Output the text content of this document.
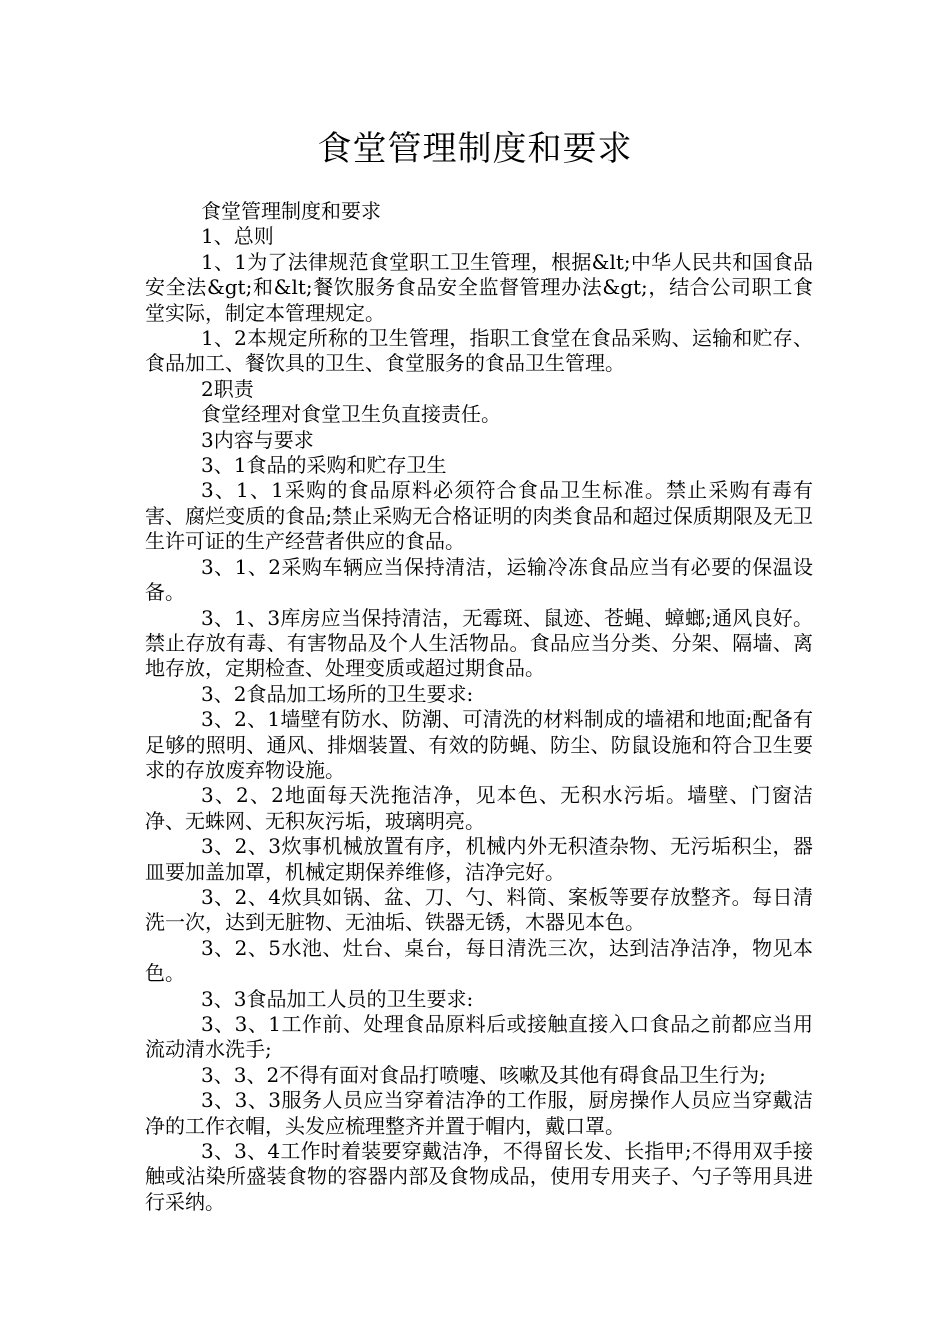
食堂管理制度和要求

食堂管理制度和要求

1、总则

1、1为了法律规范食堂职工卫生管理，根据&lt;中华人民共和国食品安全法&gt;和&lt;餐饮服务食品安全监督管理办法&gt;，结合公司职工食堂实际，制定本管理规定。

1、2本规定所称的卫生管理，指职工食堂在食品采购、运输和贮存、食品加工、餐饮具的卫生、食堂服务的食品卫生管理。

2职责

食堂经理对食堂卫生负直接责任。

3内容与要求

3、1食品的采购和贮存卫生

3、1、1采购的食品原料必须符合食品卫生标准。禁止采购有毒有害、腐烂变质的食品;禁止采购无合格证明的肉类食品和超过保质期限及无卫生许可证的生产经营者供应的食品。

3、1、2采购车辆应当保持清洁，运输冷冻食品应当有必要的保温设备。

3、1、3库房应当保持清洁，无霉斑、鼠迹、苍蝇、蟑螂;通风良好。禁止存放有毒、有害物品及个人生活物品。食品应当分类、分架、隔墙、离地存放，定期检查、处理变质或超过期食品。

3、2食品加工场所的卫生要求:

3、2、1墙壁有防水、防潮、可清洗的材料制成的墙裙和地面;配备有足够的照明、通风、排烟装置、有效的防蝇、防尘、防鼠设施和符合卫生要求的存放废弃物设施。

3、2、2地面每天洗拖洁净，见本色、无积水污垢。墙壁、门窗洁净、无蛛网、无积灰污垢，玻璃明亮。

3、2、3炊事机械放置有序，机械内外无积渣杂物、无污垢积尘，器皿要加盖加罩，机械定期保养维修，洁净完好。

3、2、4炊具如锅、盆、刀、勺、料筒、案板等要存放整齐。每日清洗一次，达到无脏物、无油垢、铁器无锈，木器见本色。

3、2、5水池、灶台、桌台，每日清洗三次，达到洁净洁净，物见本色。

3、3食品加工人员的卫生要求:

3、3、1工作前、处理食品原料后或接触直接入口食品之前都应当用流动清水洗手;

3、3、2不得有面对食品打喷嚏、咳嗽及其他有碍食品卫生行为;

3、3、3服务人员应当穿着洁净的工作服，厨房操作人员应当穿戴洁净的工作衣帽，头发应梳理整齐并置于帽内，戴口罩。

3、3、4工作时着装要穿戴洁净，不得留长发、长指甲;不得用双手接触或沾染所盛装食物的容器内部及食物成品，使用专用夹子、勺子等用具进行采纳。
